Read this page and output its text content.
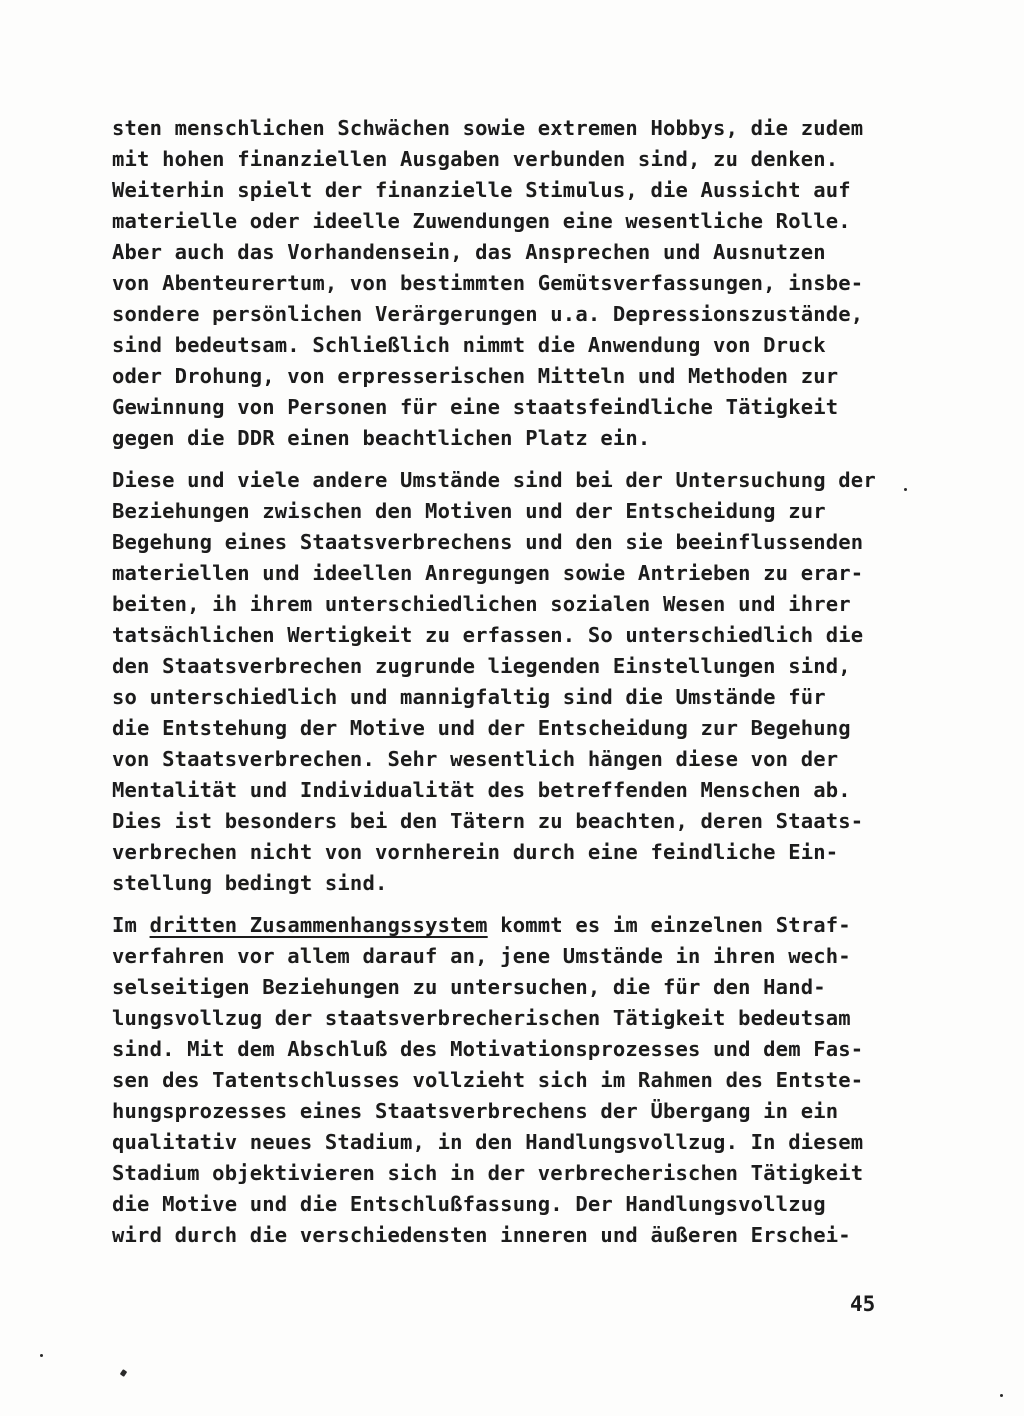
sten menschlichen Schwächen sowie extremen Hobbys, die zudem
mit hohen finanziellen Ausgaben verbunden sind, zu denken.
Weiterhin spielt der finanzielle Stimulus, die Aussicht auf
materielle oder ideelle Zuwendungen eine wesentliche Rolle.
Aber auch das Vorhandensein, das Ansprechen und Ausnutzen
von Abenteurertum, von bestimmten Gemütsverfassungen, insbe-
sondere persönlichen Verärgerungen u.a. Depressionszustände,
sind bedeutsam. Schließlich nimmt die Anwendung von Druck
oder Drohung, von erpresserischen Mitteln und Methoden zur
Gewinnung von Personen für eine staatsfeindliche Tätigkeit
gegen die DDR einen beachtlichen Platz ein.

Diese und viele andere Umstände sind bei der Untersuchung der
Beziehungen zwischen den Motiven und der Entscheidung zur
Begehung eines Staatsverbrechens und den sie beeinflussenden
materiellen und ideellen Anregungen sowie Antrieben zu erar-
beiten, ih ihrem unterschiedlichen sozialen Wesen und ihrer
tatsächlichen Wertigkeit zu erfassen. So unterschiedlich die
den Staatsverbrechen zugrunde liegenden Einstellungen sind,
so unterschiedlich und mannigfaltig sind die Umstände für
die Entstehung der Motive und der Entscheidung zur Begehung
von Staatsverbrechen. Sehr wesentlich hängen diese von der
Mentalität und Individualität des betreffenden Menschen ab.
Dies ist besonders bei den Tätern zu beachten, deren Staats-
verbrechen nicht von vornherein durch eine feindliche Ein-
stellung bedingt sind.

Im dritten Zusammenhangssystem kommt es im einzelnen Straf-
verfahren vor allem darauf an, jene Umstände in ihren wech-
selseitigen Beziehungen zu untersuchen, die für den Hand-
lungsvollzug der staatsverbrecherischen Tätigkeit bedeutsam
sind. Mit dem Abschluß des Motivationsprozesses und dem Fas-
sen des Tatentschlusses vollzieht sich im Rahmen des Entste-
hungsprozesses eines Staatsverbrechens der Übergang in ein
qualitativ neues Stadium, in den Handlungsvollzug. In diesem
Stadium objektivieren sich in der verbrecherischen Tätigkeit
die Motive und die Entschlußfassung. Der Handlungsvollzug
wird durch die verschiedensten inneren und äußeren Erschei-

45
